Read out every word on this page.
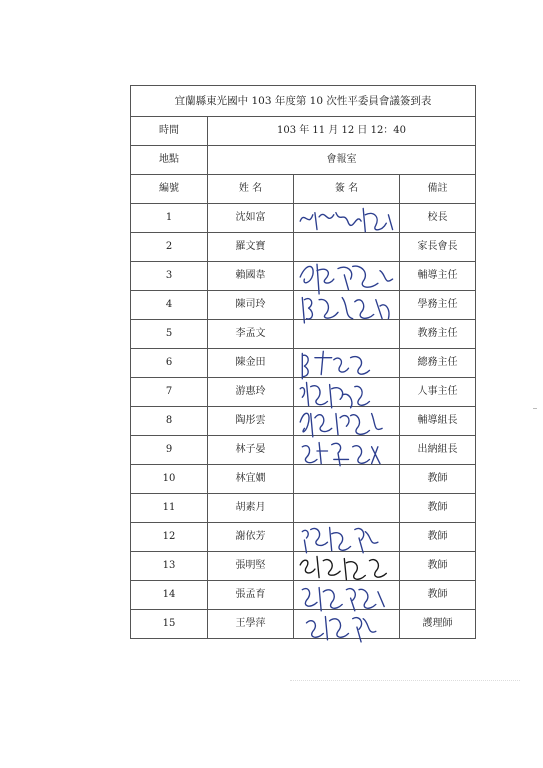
宜蘭縣東光國中 103 年度第 10 次性平委員會議簽到表			
時間	103 年 11 月 12 日 12：40		
地點	會報室		
編號	姓 名	簽 名	備註
1	沈如富		校長
2	羅文寶		家長會長
3	賴國韋		輔導主任
4	陳司玲		學務主任
5	李孟文		教務主任
6	陳金田		總務主任
7	游惠玲		人事主任
8	陶彤雲		輔導組長
9	林子晏		出納組長
10	林宜嫺		教師
11	胡素月		教師
12	謝依芳		教師
13	張明堅		教師
14	張孟育		教師
15	王學萍		護理師
